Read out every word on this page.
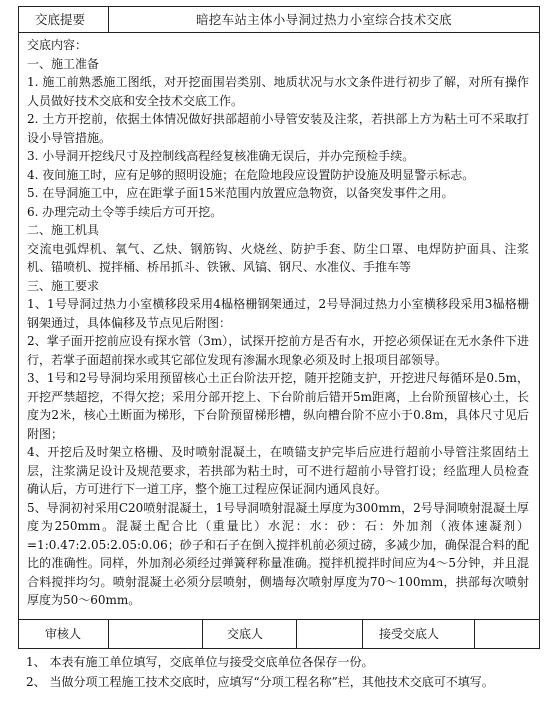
交底提要	暗挖车站主体小导洞过热力小室综合技术交底

交底内容：

一、施工准备

1. 施工前熟悉施工图纸，对开挖面围岩类别、地质状况与水文条件进行初步了解，对所有操作人员做好技术交底和安全技术交底工作。

2. 土方开挖前，依据土体情况做好拱部超前小导管安装及注浆，若拱部上方为粘土可不采取打设小导管措施。

3. 小导洞开挖线尺寸及控制线高程经复核准确无误后，并办完预检手续。

4. 夜间施工时，应有足够的照明设施；在危险地段应设置防护设施及明显警示标志。

5. 在导洞施工中，应在距掌子面15米范围内放置应急物资，以备突发事件之用。

6. 办理完动土令等手续后方可开挖。

二、施工机具

交流电弧焊机、氧气、乙炔、钢筋钩、火烧丝、防护手套、防尘口罩、电焊防护面具、注浆机、锚喷机、搅拌桶、桥吊抓斗、铁锹、风镐、钢尺、水准仪、手推车等

三、施工要求

1、1号导洞过热力小室横移段采用4榀格栅钢架通过，2号导洞过热力小室横移段采用3榀格栅钢架通过，具体偏移及节点见后附图：

2、掌子面开挖前应设有探水管（3m），试探开挖前方是否有水，开挖必须保证在无水条件下进行，若掌子面超前探水或其它部位发现有渗漏水现象必须及时上报项目部领导。

3、1号和2号导洞均采用预留核心土正台阶法开挖，随开挖随支护，开挖进尺每循环是0.5m，开挖严禁超挖，不得欠挖；采用分部开挖上、下台阶前后错开5m距离，上台阶预留核心土，长度为2米，核心土断面为梯形，下台阶预留梯形槽，纵向槽台阶不应小于0.8m，具体尺寸见后附图；

4、开挖后及时架立格栅、及时喷射混凝土，在喷锚支护完毕后应进行超前小导管注浆固结土层，注浆满足设计及规范要求，若拱部为粘土时，可不进行超前小导管打设；经监理人员检查确认后，方可进行下一道工序，整个施工过程应保证洞内通风良好。

5、导洞初衬采用C20喷射混凝土，1号导洞喷射混凝土厚度为300mm，2号导洞喷射混凝土厚度为250mm。混凝土配合比（重量比）水泥：水：砂：石：外加剂（液体速凝剂）=1:0.47:2.05:2.05:0.06；砂子和石子在倒入搅拌机前必须过磅，多减少加，确保混合料的配比的准确性。同样，外加剂必须经过弹簧秤称量准确。搅拌机搅拌时间应为4～5分钟，并且混合料搅拌均匀。喷射混凝土必须分层喷射，侧墙每次喷射厚度为70～100mm，拱部每次喷射厚度为50～60mm。

审核人	交底人	接受交底人

1、 本表有施工单位填写，交底单位与接受交底单位各保存一份。

2、 当做分项工程施工技术交底时，应填写“分项工程名称”栏，其他技术交底可不填写。
